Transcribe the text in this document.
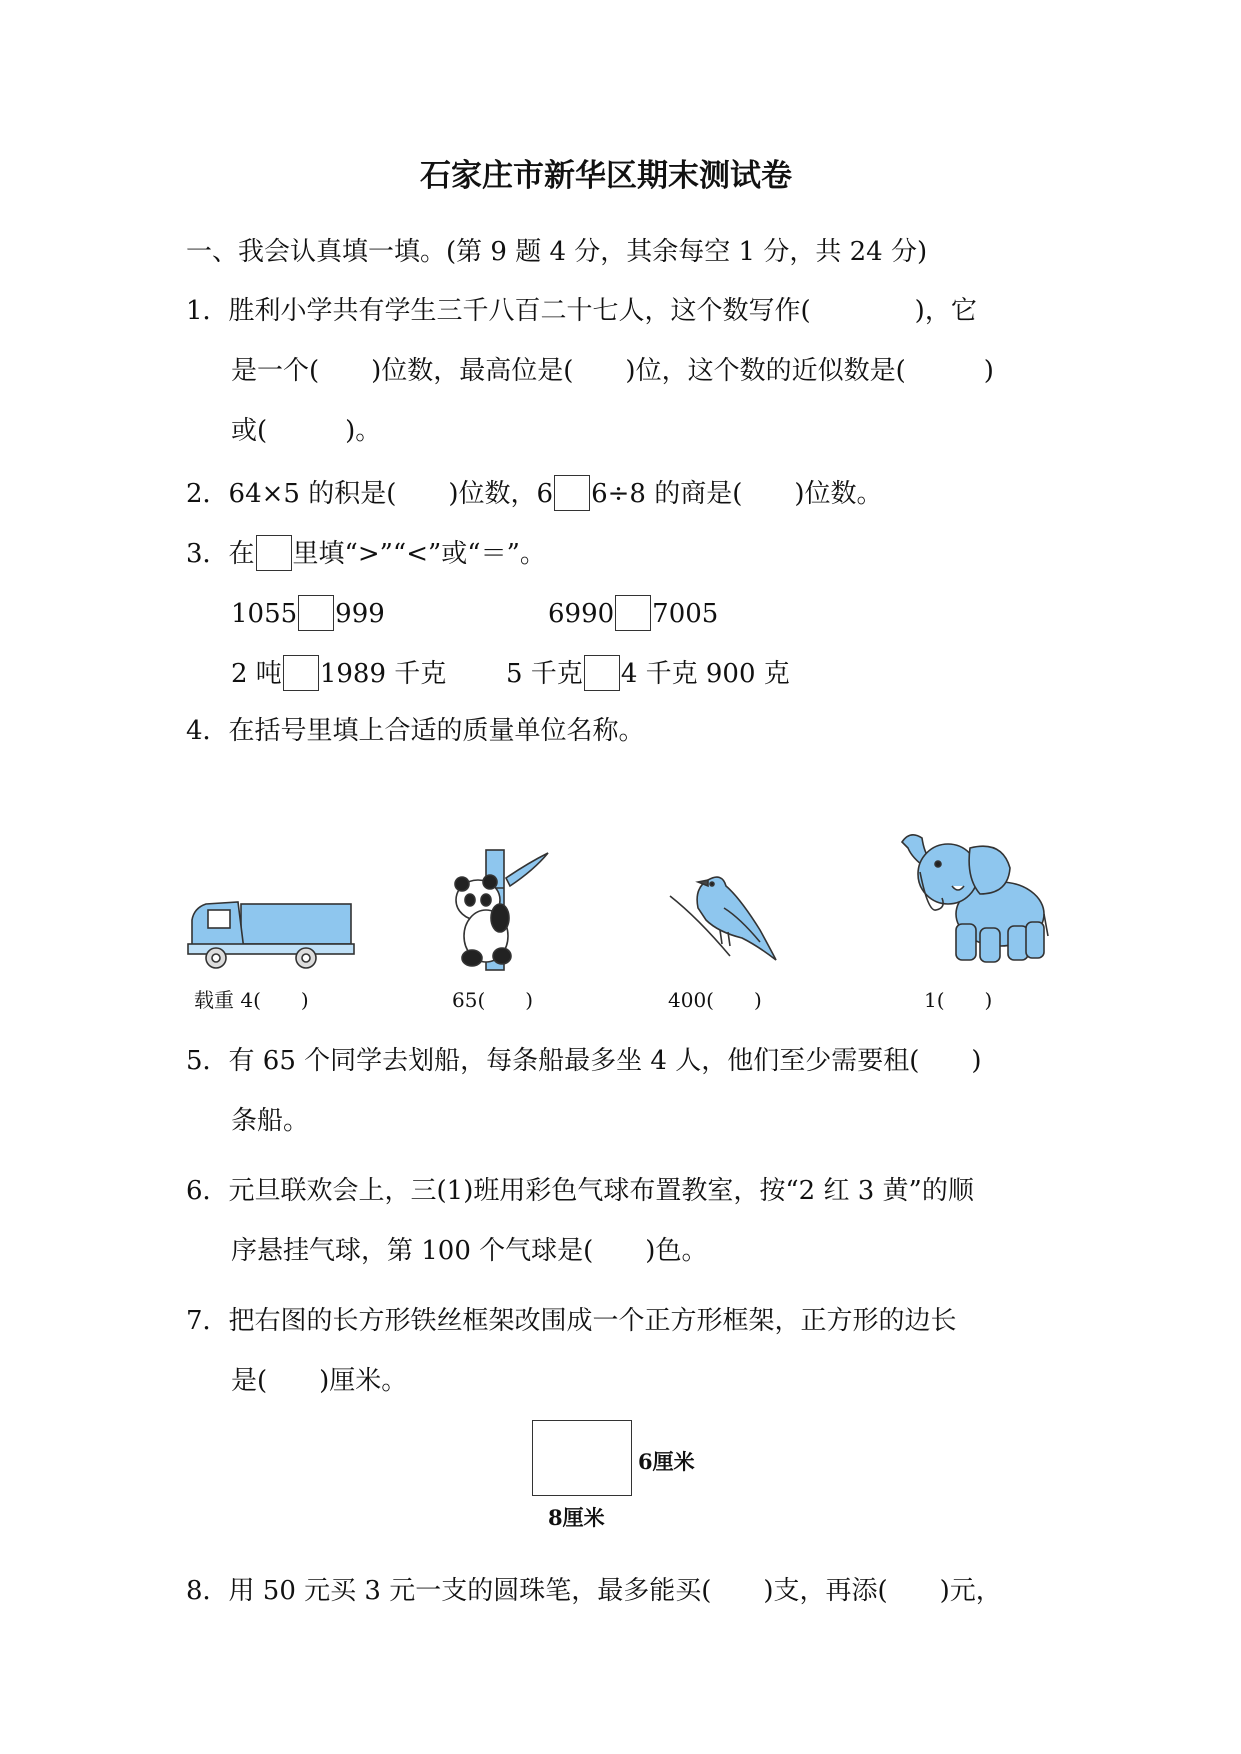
石家庄市新华区期末测试卷
一、我会认真填一填。(第 9 题 4 分，其余每空 1 分，共 24 分)
1．胜利小学共有学生三千八百二十七人，这个数写作(　　　　)，它
是一个(　　)位数，最高位是(　　)位，这个数的近似数是(　　　)
或(　　　)。
2．64×5 的积是(　　)位数，6 6÷8 的商是(　　)位数。
3．在 里填“>”“<”或“＝”。
1055 999	6990 7005
2 吨 1989 千克 5 千克 4 千克 900 克
4．在括号里填上合适的质量单位名称。
载重 4(　　)	65(　　)	400(　　)	1(　　)
5．有 65 个同学去划船，每条船最多坐 4 人，他们至少需要租(　　)
条船。
6．元旦联欢会上，三(1)班用彩色气球布置教室，按“2 红 3 黄”的顺
序悬挂气球，第 100 个气球是(　　)色。
7．把右图的长方形铁丝框架改围成一个正方形框架，正方形的边长
是(　　)厘米。
6厘米
8厘米
8．用 50 元买 3 元一支的圆珠笔，最多能买(　　)支，再添(　　)元，
